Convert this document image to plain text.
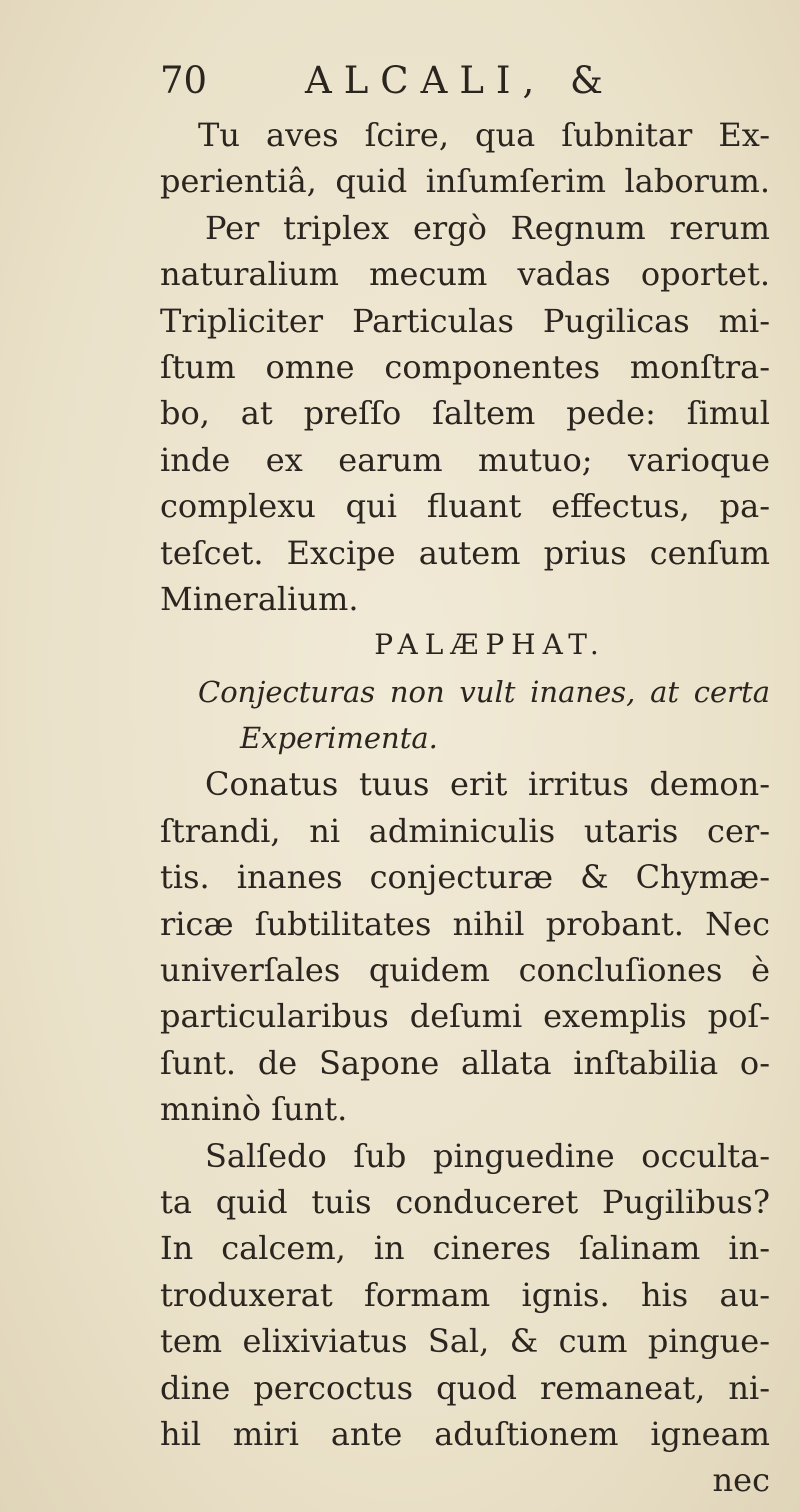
70	ALCALI, &
Tu aves ſcire, qua ſubnitar Ex-
perientiâ, quid inſumſerim laborum.
Per triplex ergò Regnum rerum
naturalium mecum vadas oportet.
Tripliciter Particulas Pugilicas mi-
ſtum omne componentes monſtra-
bo, at preſſo ſaltem pede: ſimul
inde ex earum mutuo; varioque
complexu qui fluant effectus, pa-
teſcet. Excipe autem prius cenſum
Mineralium.
PALÆPHAT.
Conjecturas non vult inanes, at certa
Experimenta.
Conatus tuus erit irritus demon-
ſtrandi, ni adminiculis utaris cer-
tis. inanes conjecturæ & Chymæ-
ricæ ſubtilitates nihil probant. Nec
univerſales quidem concluſiones è
particularibus deſumi exemplis poſ-
ſunt. de Sapone allata inſtabilia o-
mninò ſunt.
Salſedo ſub pinguedine occulta-
ta quid tuis conduceret Pugilibus?
In calcem, in cineres ſalinam in-
troduxerat formam ignis. his au-
tem elixiviatus Sal, & cum pingue-
dine percoctus quod remaneat, ni-
hil miri ante aduſtionem igneam
nec
